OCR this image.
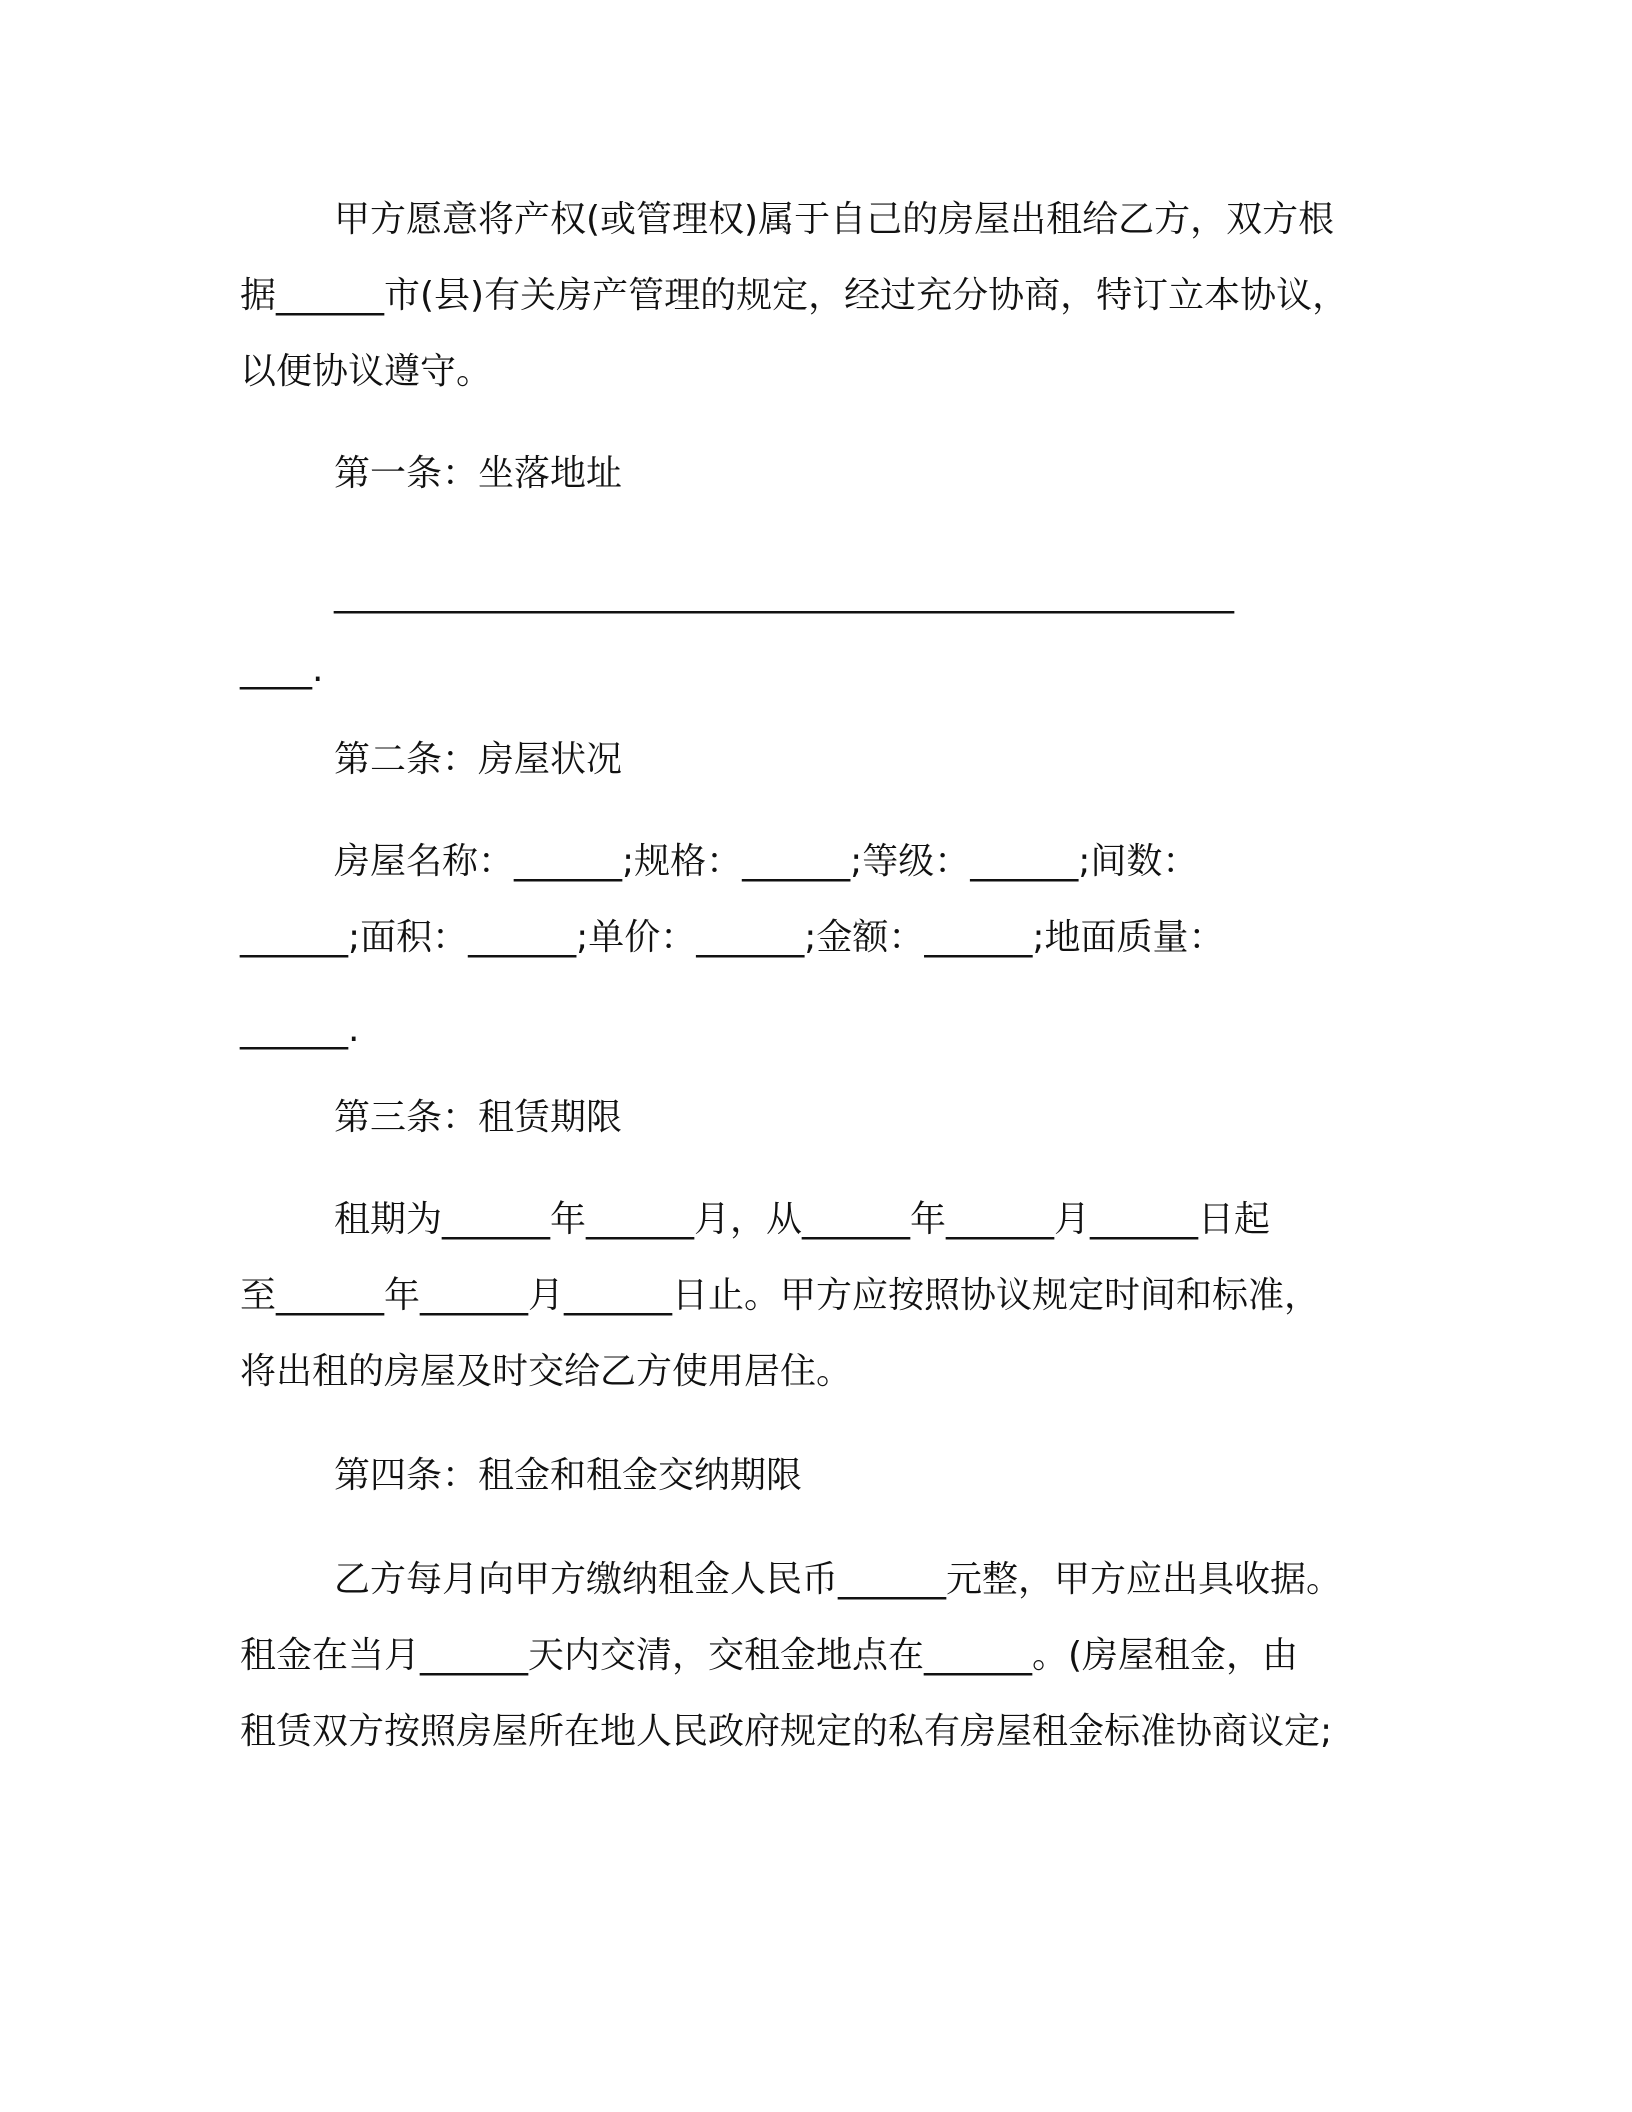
甲方愿意将产权(或管理权)属于自己的房屋出租给乙方，双方根

据______市(县)有关房产管理的规定，经过充分协商，特订立本协议，

以便协议遵守。

第一条：坐落地址

__________________________________________________

____.

第二条：房屋状况

房屋名称：______;规格：______;等级：______;间数：

______;面积：______;单价：______;金额：______;地面质量：

______.

第三条：租赁期限

租期为______年______月，从______年______月______日起

至______年______月______日止。甲方应按照协议规定时间和标准，

将出租的房屋及时交给乙方使用居住。

第四条：租金和租金交纳期限

乙方每月向甲方缴纳租金人民币______元整，甲方应出具收据。

租金在当月______天内交清，交租金地点在______。(房屋租金，由

租赁双方按照房屋所在地人民政府规定的私有房屋租金标准协商议定;
